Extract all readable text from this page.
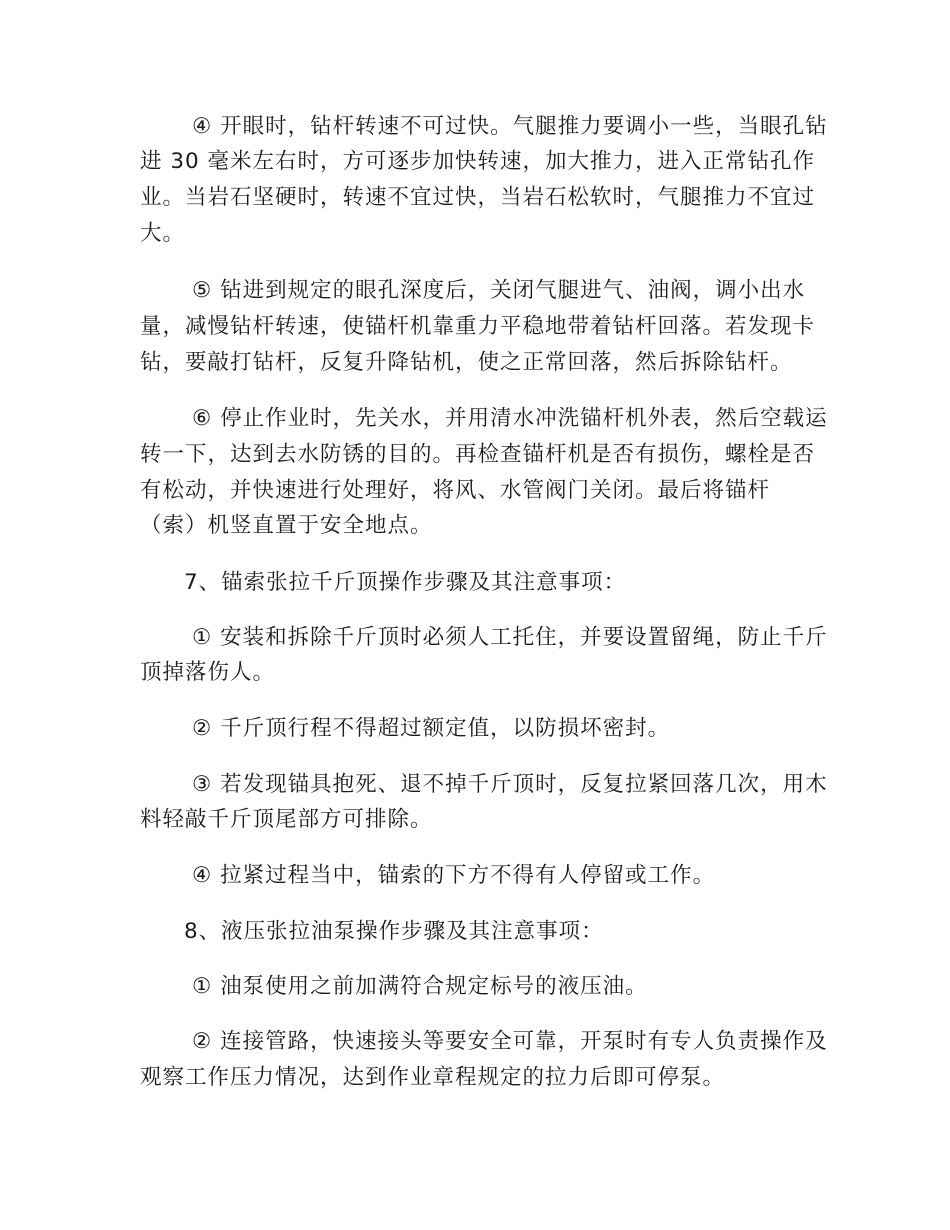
④ 开眼时，钻杆转速不可过快。气腿推力要调小一些，当眼孔钻
进 30 毫米左右时，方可逐步加快转速，加大推力，进入正常钻孔作
业。当岩石坚硬时，转速不宜过快，当岩石松软时，气腿推力不宜过
大。
⑤ 钻进到规定的眼孔深度后，关闭气腿进气、油阀，调小出水
量，减慢钻杆转速，使锚杆机靠重力平稳地带着钻杆回落。若发现卡
钻，要敲打钻杆，反复升降钻机，使之正常回落，然后拆除钻杆。
⑥ 停止作业时，先关水，并用清水冲洗锚杆机外表，然后空载运
转一下，达到去水防锈的目的。再检查锚杆机是否有损伤，螺栓是否
有松动，并快速进行处理好，将风、水管阀门关闭。最后将锚杆
（索）机竖直置于安全地点。
7、锚索张拉千斤顶操作步骤及其注意事项：
① 安装和拆除千斤顶时必须人工托住，并要设置留绳，防止千斤
顶掉落伤人。
② 千斤顶行程不得超过额定值，以防损坏密封。
③ 若发现锚具抱死、退不掉千斤顶时，反复拉紧回落几次，用木
料轻敲千斤顶尾部方可排除。
④ 拉紧过程当中，锚索的下方不得有人停留或工作。
8、液压张拉油泵操作步骤及其注意事项：
① 油泵使用之前加满符合规定标号的液压油。
② 连接管路，快速接头等要安全可靠，开泵时有专人负责操作及
观察工作压力情况，达到作业章程规定的拉力后即可停泵。
